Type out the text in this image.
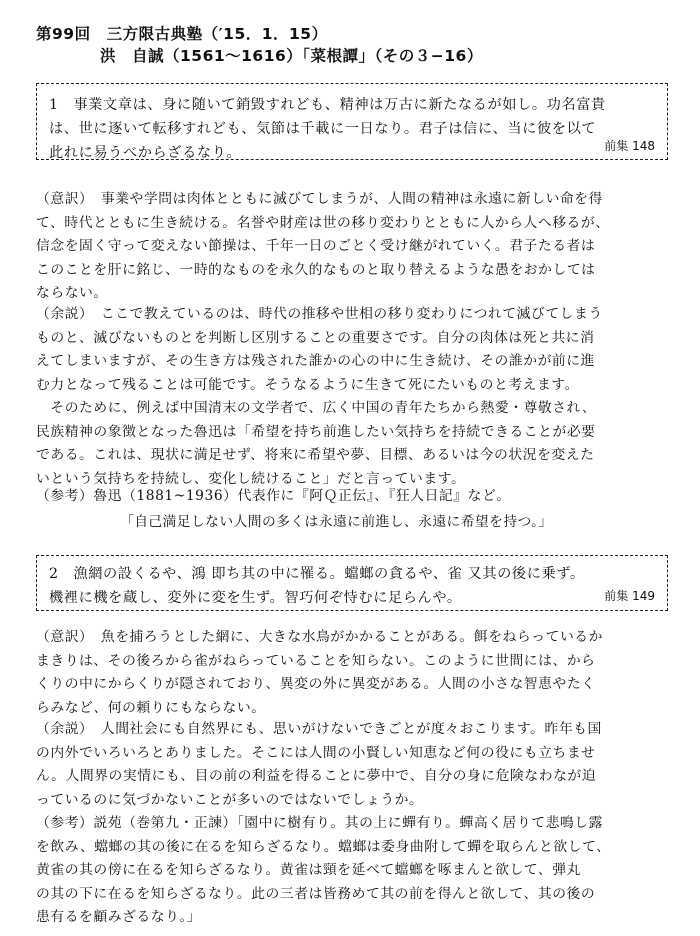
第99回　三方限古典塾（′15．1．15）
洪　自誠（1561〜1616）「菜根譚」（その３−16）
1　事業文章は、身に随いて銷毀すれども、精神は万古に新たなるが如し。功名富貴
は、世に逐いて転移すれども、気節は千載に一日なり。君子は信に、当に彼を以て
此れに易うべからざるなり。	前集 148
（意訳）　事業や学問は肉体とともに滅びてしまうが、人間の精神は永遠に新しい命を得
て、時代とともに生き続ける。名誉や財産は世の移り変わりとともに人から人へ移るが、
信念を固く守って変えない節操は、千年一日のごとく受け継がれていく。君子たる者は
このことを肝に銘じ、一時的なものを永久的なものと取り替えるような愚をおかしては
ならない。
（余説）　ここで教えているのは、時代の推移や世相の移り変わりにつれて滅びてしまう
ものと、滅びないものとを判断し区別することの重要さです。自分の肉体は死と共に消
えてしまいますが、その生き方は残された誰かの心の中に生き続け、その誰かが前に進
む力となって残ることは可能です。そうなるように生きて死にたいものと考えます。
　そのために、例えば中国清末の文学者で、広く中国の青年たちから熱愛・尊敬され、
民族精神の象徴となった魯迅は「希望を持ち前進したい気持ちを持続できることが必要
である。これは、現状に満足せず、将来に希望や夢、目標、あるいは今の状況を変えた
いという気持ちを持続し、変化し続けること」だと言っています。
（参考）魯迅（1881~1936）代表作に『阿Ｑ正伝』、『狂人日記』など。
「自己満足しない人間の多くは永遠に前進し、永遠に希望を持つ。」
2　漁網の設くるや、鴻 即ち其の中に罹る。蟷螂の貪るや、雀 又其の後に乗ず。
機裡に機を蔵し、変外に変を生ず。智巧何ぞ恃むに足らんや。	前集 149
（意訳）　魚を捕ろうとした網に、大きな水鳥がかかることがある。餌をねらっているか
まきりは、その後ろから雀がねらっていることを知らない。このように世間には、から
くりの中にからくりが隠されており、異変の外に異変がある。人間の小さな智恵やたく
らみなど、何の頼りにもならない。
（余説）　人間社会にも自然界にも、思いがけないできごとが度々おこります。昨年も国
の内外でいろいろとありました。そこには人間の小賢しい知恵など何の役にも立ちませ
ん。人間界の実情にも、目の前の利益を得ることに夢中で、自分の身に危険なわなが迫
っているのに気づかないことが多いのではないでしょうか。
（参考）説苑（巻第九・正諫）「園中に樹有り。其の上に蟬有り。蟬高く居りて悲鳴し露
を飲み、蟷螂の其の後に在るを知らざるなり。蟷螂は委身曲附して蟬を取らんと欲して、
黄雀の其の傍に在るを知らざるなり。黄雀は頸を延べて蟷螂を啄まんと欲して、弾丸
の其の下に在るを知らざるなり。此の三者は皆務めて其の前を得んと欲して、其の後の
患有るを顧みざるなり。」
